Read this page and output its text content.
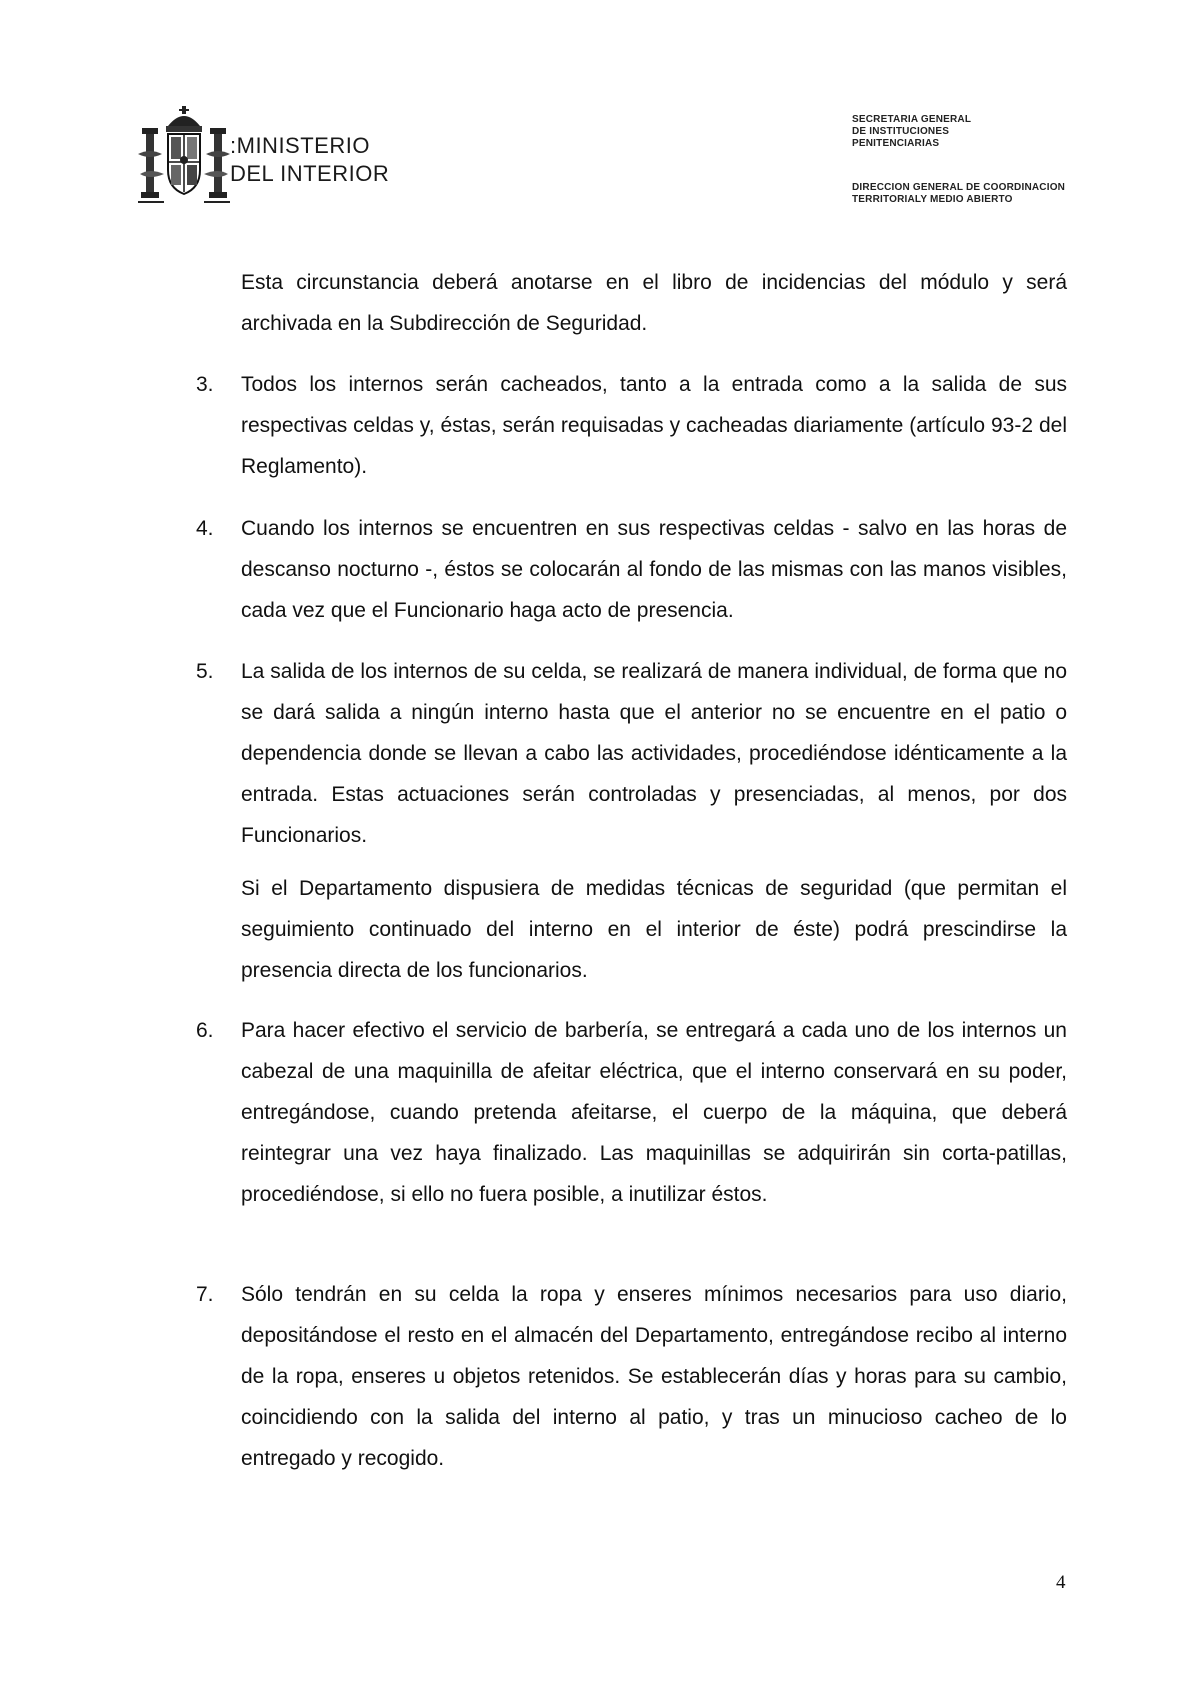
:MINISTERIO
DEL INTERIOR
SECRETARIA GENERAL
DE INSTITUCIONES
PENITENCIARIAS
DIRECCION GENERAL DE COORDINACION
TERRITORIALY MEDIO ABIERTO

Esta circunstancia deberá anotarse en el libro de incidencias del módulo y será archivada en la Subdirección de Seguridad.

3. Todos los internos serán cacheados, tanto a la entrada como a la salida de sus respectivas celdas y, éstas, serán requisadas y cacheadas diariamente (artículo 93-2 del Reglamento).

4. Cuando los internos se encuentren en sus respectivas celdas - salvo en las horas de descanso nocturno -, éstos se colocarán al fondo de las mismas con las manos visibles, cada vez que el Funcionario haga acto de presencia.

5. La salida de los internos de su celda, se realizará de manera individual, de forma que no se dará salida a ningún interno hasta que el anterior no se encuentre en el patio o dependencia donde se llevan a cabo las actividades, procediéndose idénticamente a la entrada. Estas actuaciones serán controladas y presenciadas, al menos, por dos Funcionarios.

Si el Departamento dispusiera de medidas técnicas de seguridad (que permitan el seguimiento continuado del interno en el interior de éste) podrá prescindirse la presencia directa de los funcionarios.

6. Para hacer efectivo el servicio de barbería, se entregará a cada uno de los internos un cabezal de una maquinilla de afeitar eléctrica, que el interno conservará en su poder, entregándose, cuando pretenda afeitarse, el cuerpo de la máquina, que deberá reintegrar una vez haya finalizado. Las maquinillas se adquirirán sin corta-patillas, procediéndose, si ello no fuera posible, a inutilizar éstos.

7. Sólo tendrán en su celda la ropa y enseres mínimos necesarios para uso diario, depositándose el resto en el almacén del Departamento, entregándose recibo al interno de la ropa, enseres u objetos retenidos. Se establecerán días y horas para su cambio, coincidiendo con la salida del interno al patio, y tras un minucioso cacheo de lo entregado y recogido.

4
